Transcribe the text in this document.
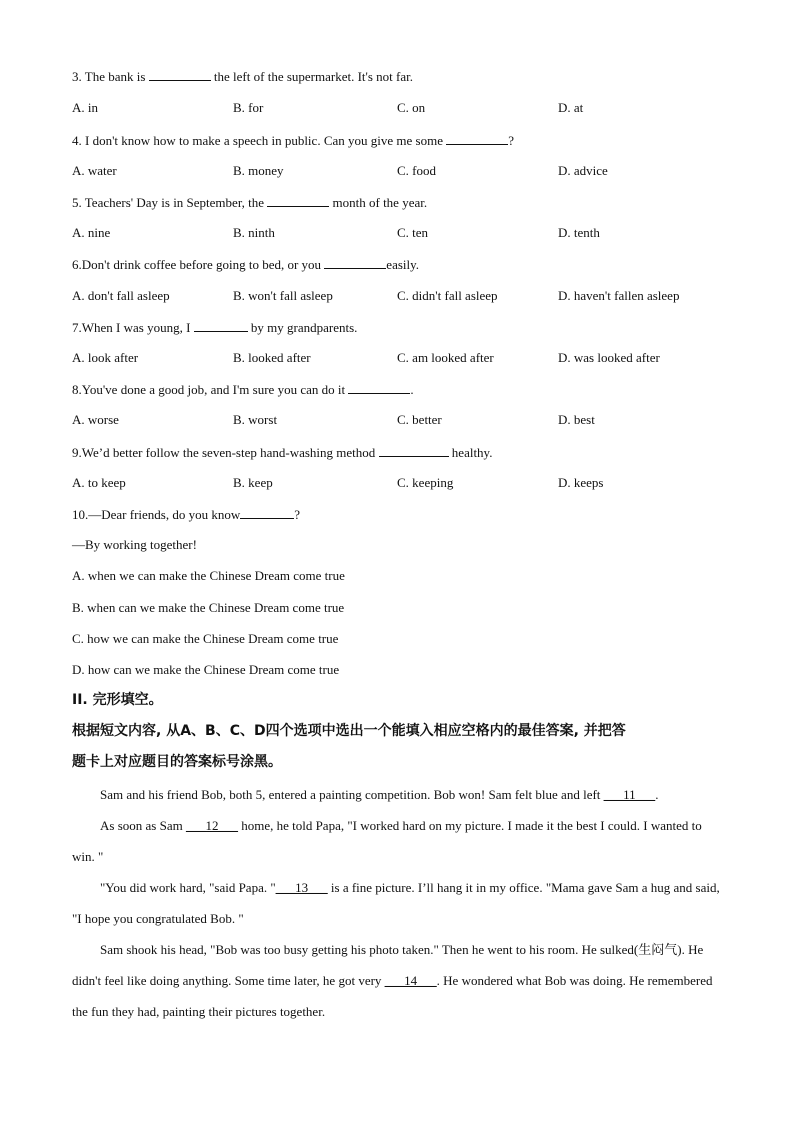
3. The bank is	the left of the supermarket. It's not far.
A. in	B. for	C. on	D. at
4. I don't know how to make a speech in public. Can you give me some	?
A. water	B. money	C. food	D. advice
5. Teachers' Day is in September, the	month of the year.
A. nine	B. ninth	C. ten	D. tenth
6.Don't drink coffee before going to bed, or you	easily.
A. don't fall asleep	B. won't fall asleep	C. didn't fall asleep	D. haven't fallen asleep
7.When I was young, I	by my grandparents.
A. look after	B. looked after	C. am looked after	D. was looked after
8.You've done a good job, and I'm sure you can do it	.
A. worse	B. worst	C. better	D. best
9.We’d better follow the seven-step hand-washing method	healthy.
A. to keep	B. keep	C. keeping	D. keeps
10.—Dear friends, do you know	?
—By working together!
A. when we can make the Chinese Dream come true
B. when can we make the Chinese Dream come true
C. how we can make the Chinese Dream come true
D. how can we make the Chinese Dream come true
II. 完形填空。
根据短文内容, 从A、B、C、D四个选项中选出一个能填入相应空格内的最佳答案, 并把答
题卡上对应题目的答案标号涂黑。
Sam and his friend Bob, both 5, entered a painting competition. Bob won! Sam felt blue and left ___11___.
As soon as Sam ___12___ home, he told Papa, "I worked hard on my picture. I made it the best I could. I wanted to win. "
"You did work hard, "said Papa. "___13___ is a fine picture. I’ll hang it in my office. "Mama gave Sam a hug and said, "I hope you congratulated Bob. "
Sam shook his head, "Bob was too busy getting his photo taken." Then he went to his room. He sulked(生闷气). He didn't feel like doing anything. Some time later, he got very ___14___. He wondered what Bob was doing. He remembered the fun they had, painting their pictures together.
